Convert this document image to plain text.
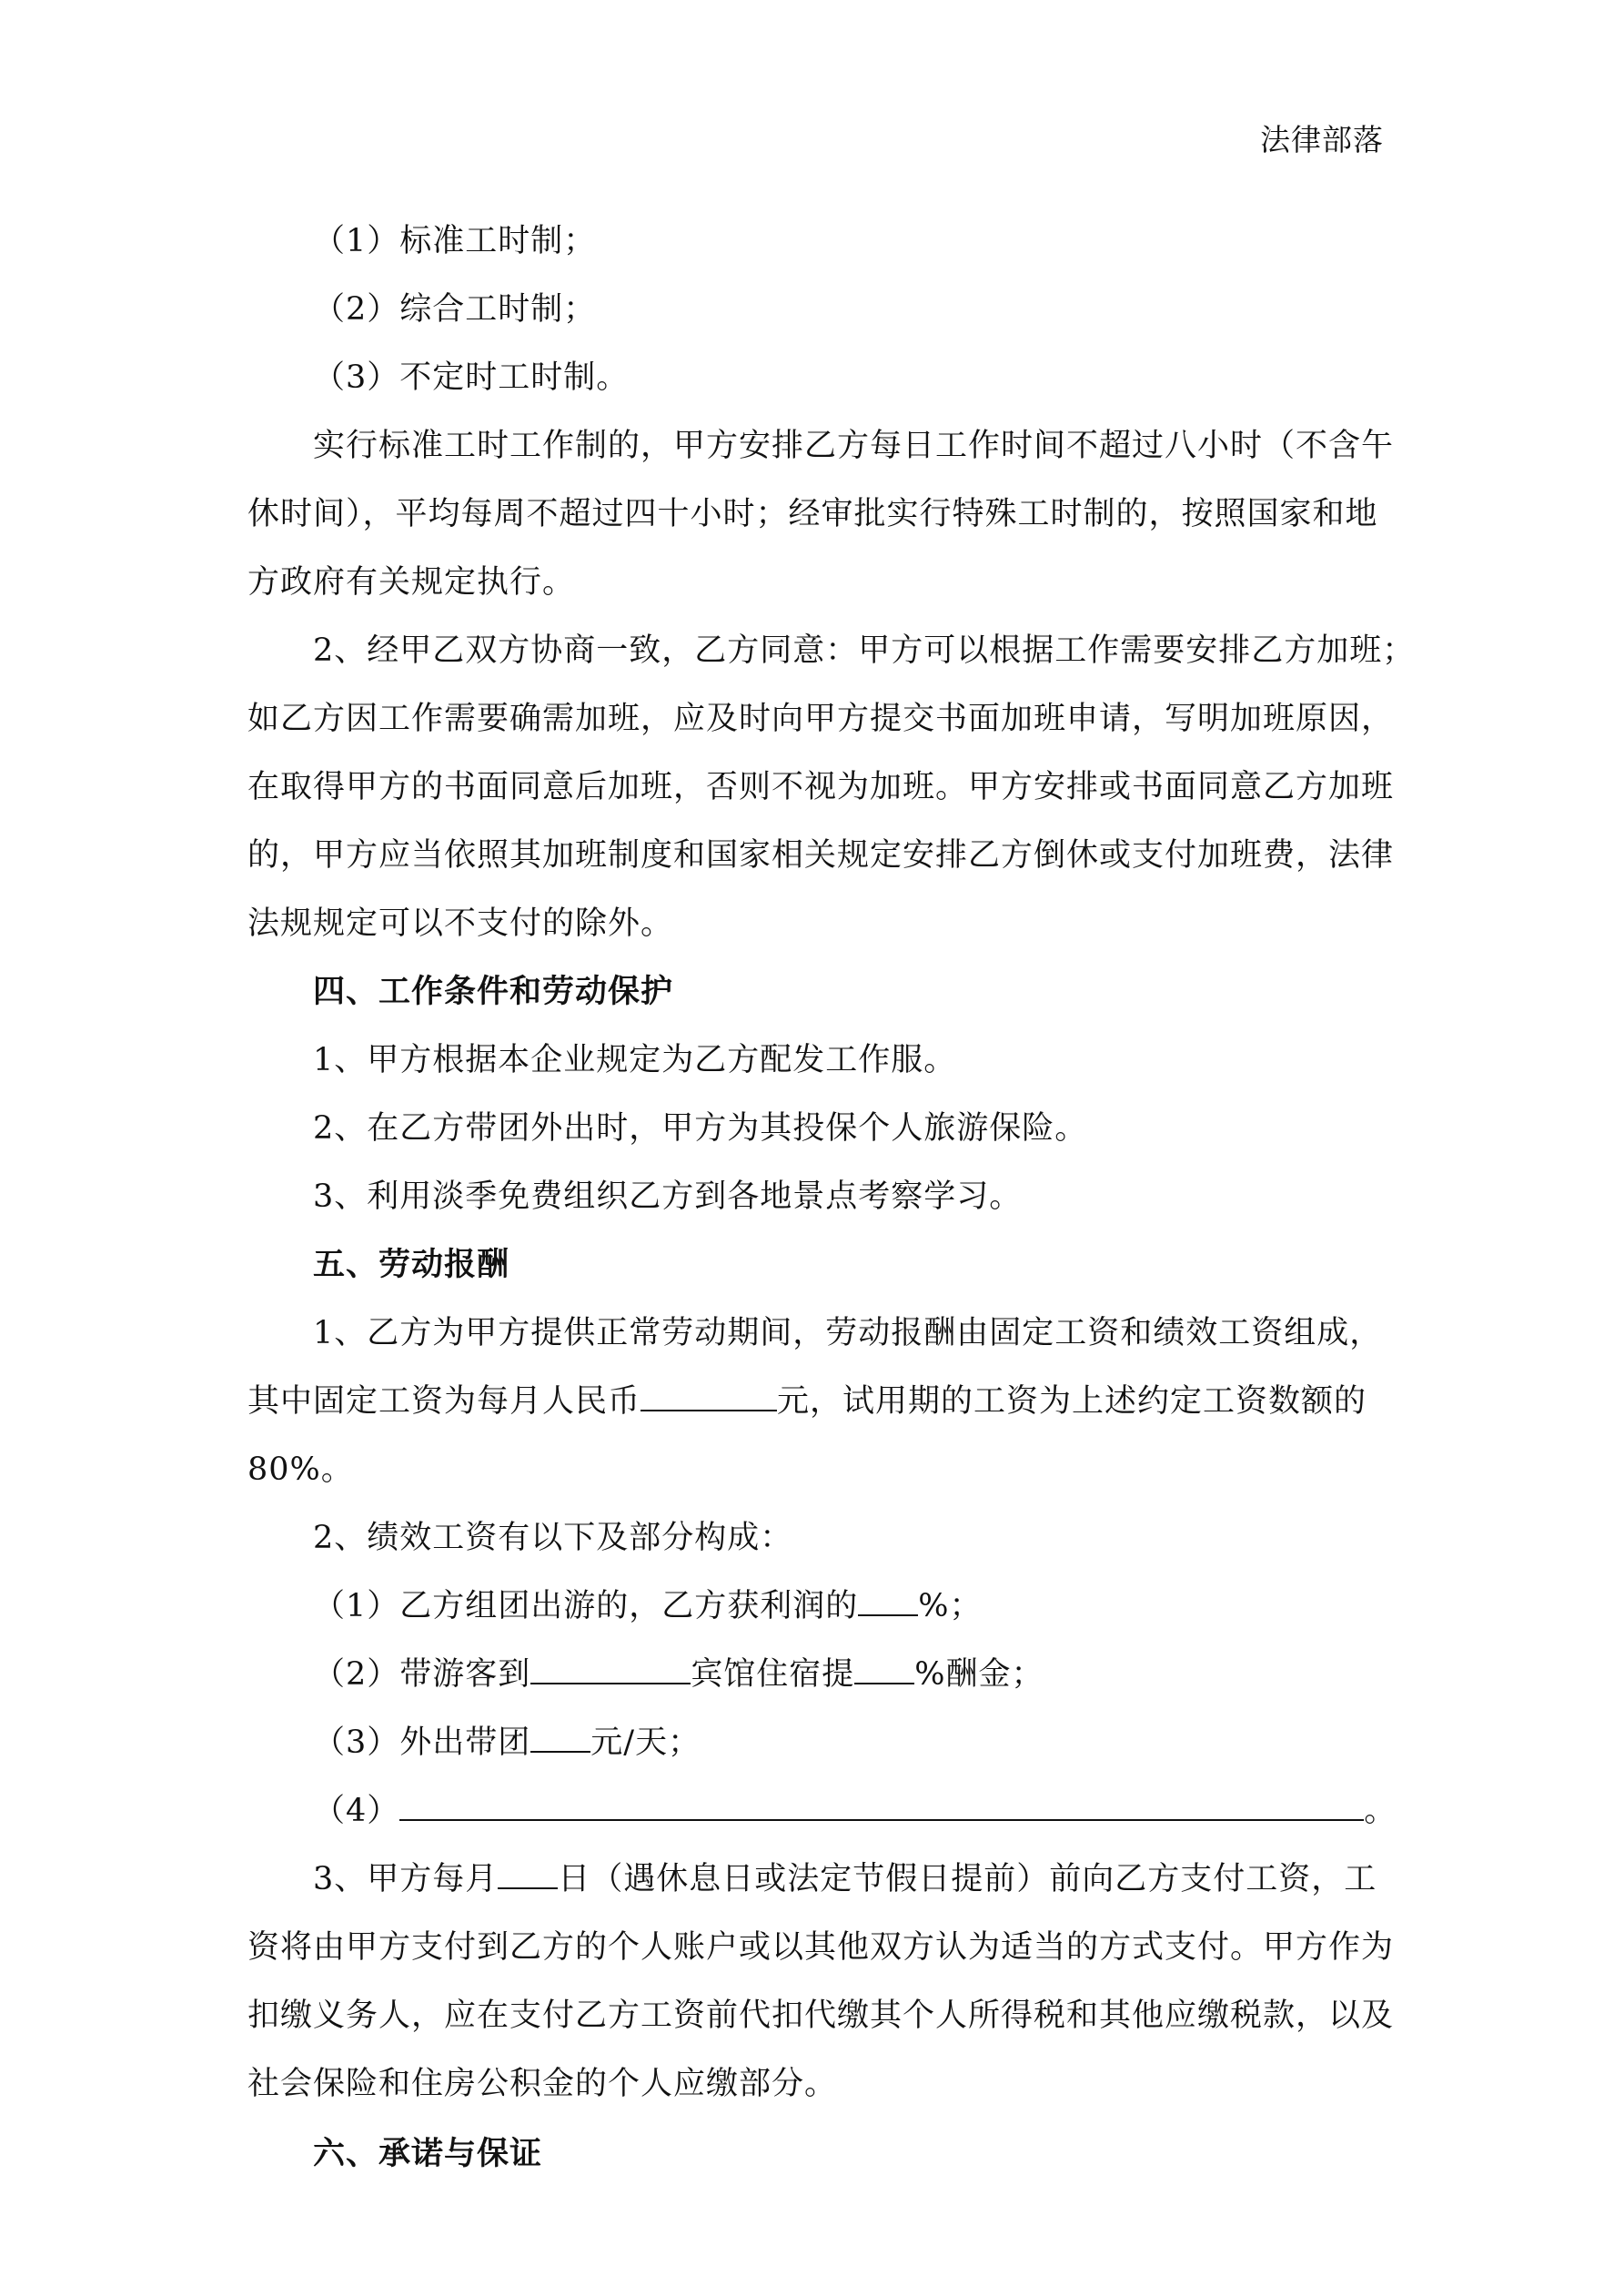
法律部落
（1）标准工时制；
（2）综合工时制；
（3）不定时工时制。
实行标准工时工作制的，甲方安排乙方每日工作时间不超过八小时（不含午
休时间），平均每周不超过四十小时；经审批实行特殊工时制的，按照国家和地
方政府有关规定执行。
2、经甲乙双方协商一致，乙方同意：甲方可以根据工作需要安排乙方加班；
如乙方因工作需要确需加班，应及时向甲方提交书面加班申请，写明加班原因，
在取得甲方的书面同意后加班，否则不视为加班。甲方安排或书面同意乙方加班
的，甲方应当依照其加班制度和国家相关规定安排乙方倒休或支付加班费，法律
法规规定可以不支付的除外。
四、工作条件和劳动保护
1、甲方根据本企业规定为乙方配发工作服。
2、在乙方带团外出时，甲方为其投保个人旅游保险。
3、利用淡季免费组织乙方到各地景点考察学习。
五、劳动报酬
1、乙方为甲方提供正常劳动期间，劳动报酬由固定工资和绩效工资组成，
其中固定工资为每月人民币	元，试用期的工资为上述约定工资数额的
80%。
2、绩效工资有以下及部分构成：
（1）乙方组团出游的，乙方获利润的 %；
（2）带游客到	宾馆住宿提 %酬金；
（3）外出带团 元/天；
（4）	。
3、甲方每月 日（遇休息日或法定节假日提前）前向乙方支付工资，工
资将由甲方支付到乙方的个人账户或以其他双方认为适当的方式支付。甲方作为
扣缴义务人，应在支付乙方工资前代扣代缴其个人所得税和其他应缴税款，以及
社会保险和住房公积金的个人应缴部分。
六、承诺与保证
